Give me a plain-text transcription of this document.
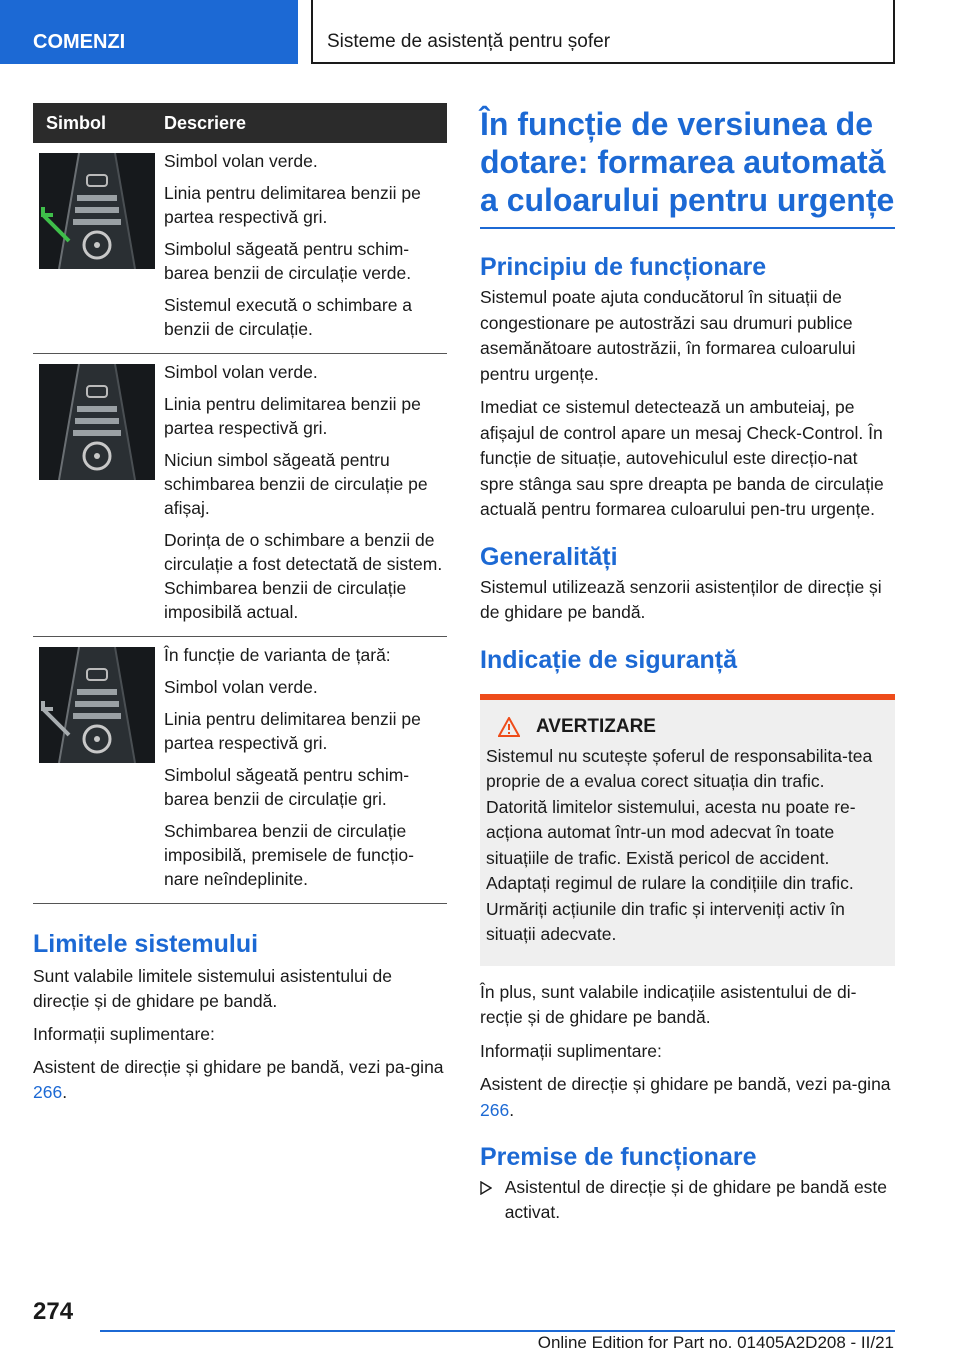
COMENZI	Sisteme de asistență pentru șofer
Simbol	Descriere

Simbol volan verde.

Linia pentru delimitarea benzii pe partea respectivă gri.

Simbolul săgeată pentru schim-barea benzii de circulație verde.

Sistemul execută o schimbare a benzii de circulație.

Simbol volan verde.

Linia pentru delimitarea benzii pe partea respectivă gri.

Niciun simbol săgeată pentru schimbarea benzii de circulație pe afișaj.

Dorința de o schimbare a benzii de circulație a fost detectată de sistem. Schimbarea benzii de circulație imposibilă actual.

În funcție de varianta de țară:

Simbol volan verde.

Linia pentru delimitarea benzii pe partea respectivă gri.

Simbolul săgeată pentru schim-barea benzii de circulație gri.

Schimbarea benzii de circulație imposibilă, premisele de funcțio-nare neîndeplinite.

Limitele sistemului

Sunt valabile limitele sistemului asistentului de direcție și de ghidare pe bandă.

Informații suplimentare:

Asistent de direcție și ghidare pe bandă, vezi pa-gina 266.

În funcție de versiunea de dotare: formarea automată a culoarului pentru urgențe
Principiu de funcționare

Sistemul poate ajuta conducătorul în situații de congestionare pe autostrăzi sau drumuri publice asemănătoare autostrăzii, în formarea culoarului pentru urgențe.

Imediat ce sistemul detectează un ambuteiaj, pe afișajul de control apare un mesaj Check-Control. În funcție de situație, autovehiculul este direcțio-nat spre stânga sau spre dreapta pe banda de circulație actuală pentru formarea culoarului pen-tru urgențe.

Generalități

Sistemul utilizează senzorii asistenților de direcție și de ghidare pe bandă.

Indicație de siguranță
AVERTIZARE

Sistemul nu scutește șoferul de responsabilita-tea proprie de a evalua corect situația din trafic. Datorită limitelor sistemului, acesta nu poate re-acționa automat într-un mod adecvat în toate situațiile de trafic. Există pericol de accident. Adaptați regimul de rulare la condițiile din trafic. Urmăriți acțiunile din trafic și interveniți activ în situații adecvate.

În plus, sunt valabile indicațiile asistentului de di-recție și de ghidare pe bandă.

Informații suplimentare:

Asistent de direcție și ghidare pe bandă, vezi pa-gina 266.

Premise de funcționare
Asistentul de direcție și de ghidare pe bandă este activat.
274
Online Edition for Part no. 01405A2D208 - II/21
